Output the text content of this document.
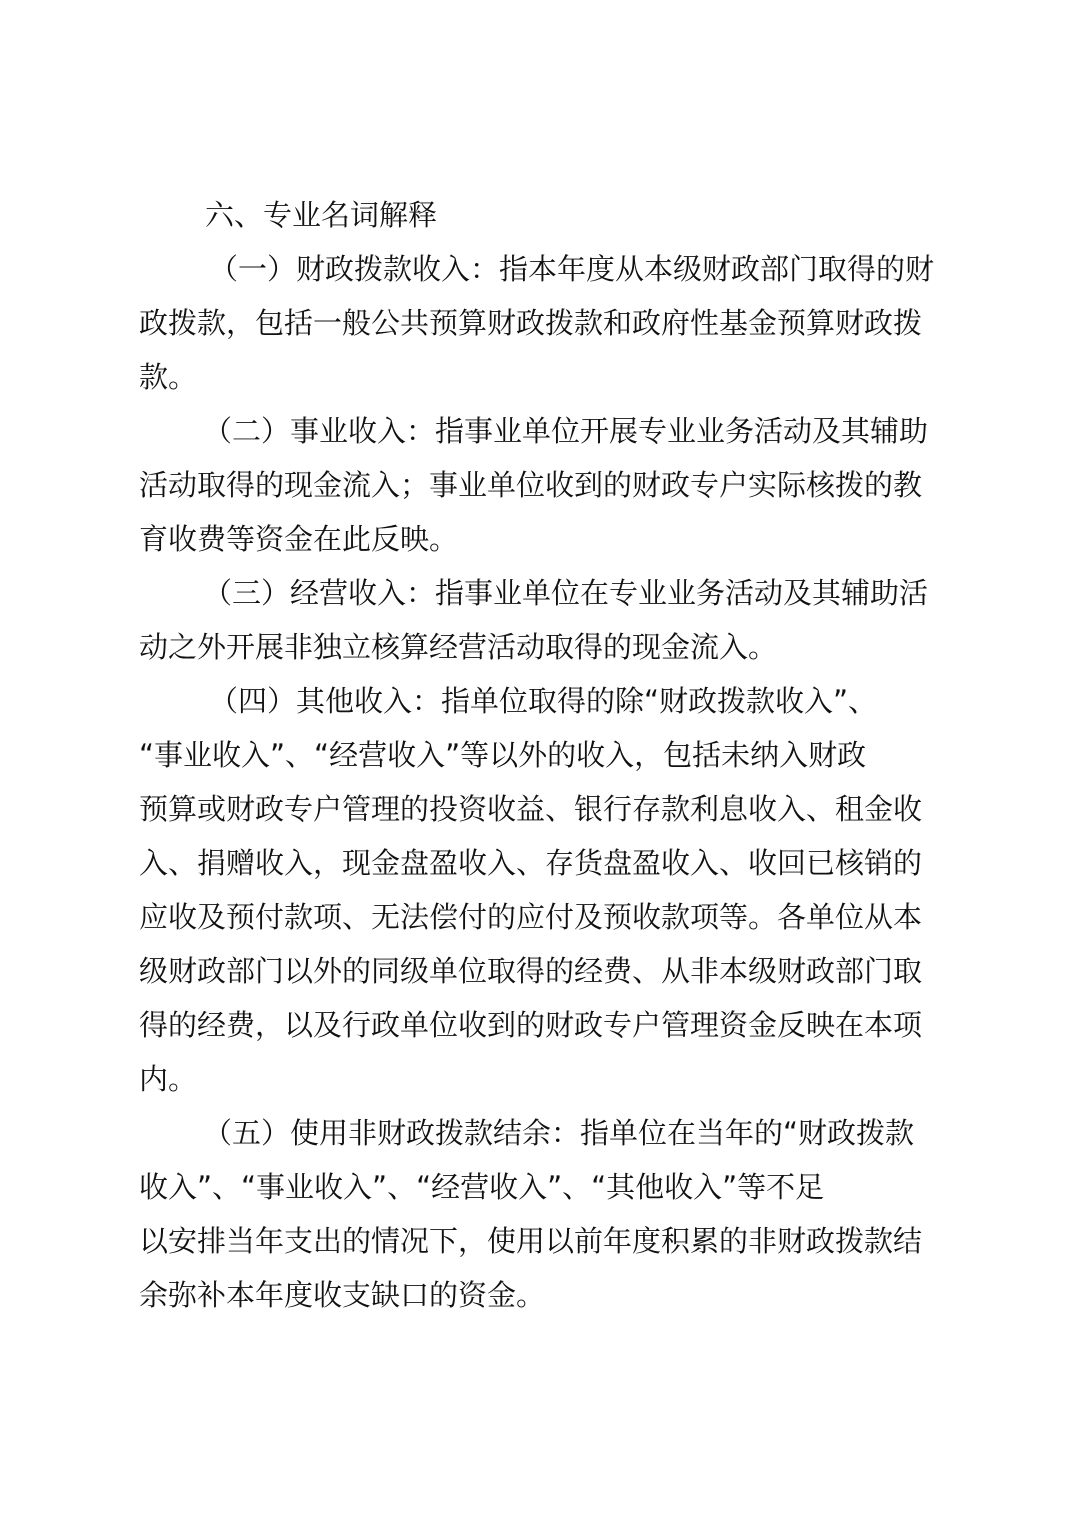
六、专业名词解释
（一）财政拨款收入：指本年度从本级财政部门取得的财
政拨款，包括一般公共预算财政拨款和政府性基金预算财政拨
款。
（二）事业收入：指事业单位开展专业业务活动及其辅助
活动取得的现金流入；事业单位收到的财政专户实际核拨的教
育收费等资金在此反映。
（三）经营收入：指事业单位在专业业务活动及其辅助活
动之外开展非独立核算经营活动取得的现金流入。
（四）其他收入：指单位取得的除“财政拨款收入”、
“事业收入”、“经营收入”等以外的收入，包括未纳入财政
预算或财政专户管理的投资收益、银行存款利息收入、租金收
入、捐赠收入，现金盘盈收入、存货盘盈收入、收回已核销的
应收及预付款项、无法偿付的应付及预收款项等。各单位从本
级财政部门以外的同级单位取得的经费、从非本级财政部门取
得的经费，以及行政单位收到的财政专户管理资金反映在本项
内。
（五）使用非财政拨款结余：指单位在当年的“财政拨款
收入”、“事业收入”、“经营收入”、“其他收入”等不足
以安排当年支出的情况下，使用以前年度积累的非财政拨款结
余弥补本年度收支缺口的资金。
